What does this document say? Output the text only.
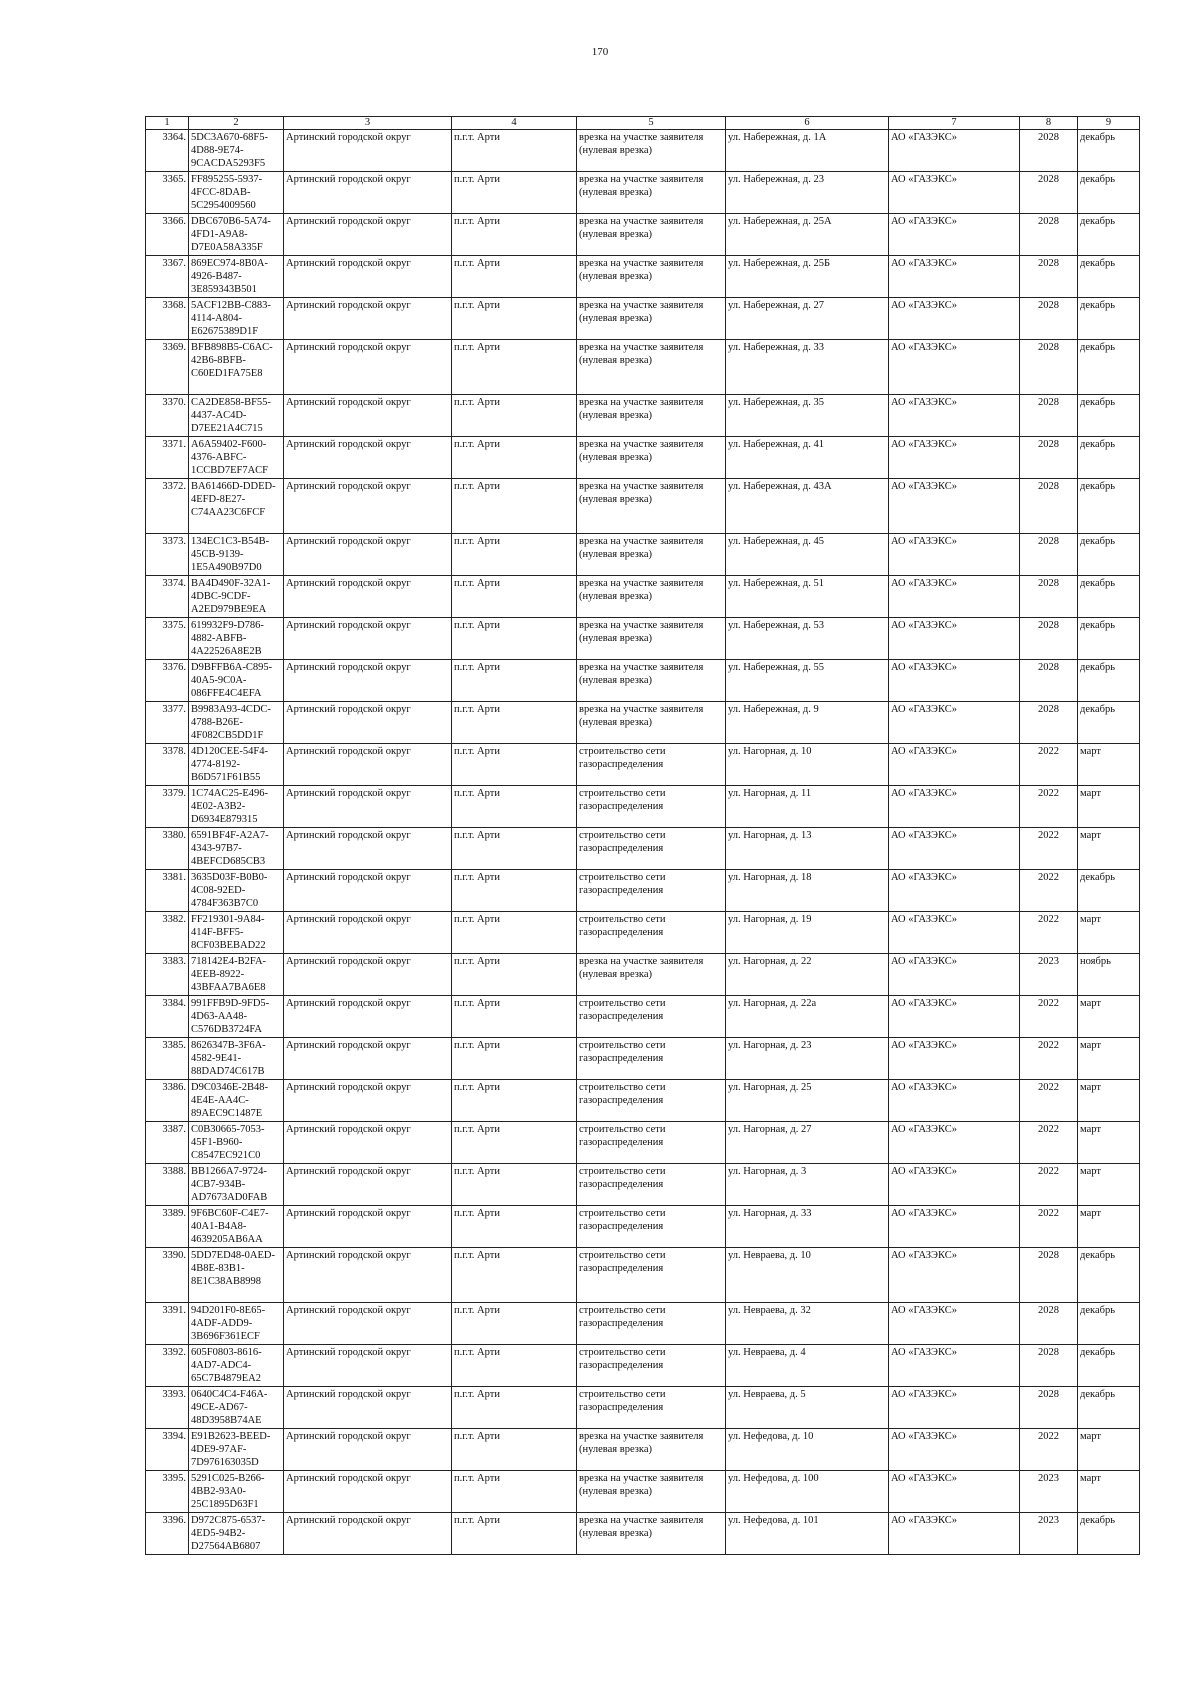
170
1	2	3	4	5	6	7	8	9
3364.	5DC3A670-68F5-4D88-9E74-9CACDA5293F5	Артинский городской округ	п.г.т. Арти	врезка на участке заявителя (нулевая врезка)	ул. Набережная, д. 1А	АО «ГАЗЭКС»	2028	декабрь
3365.	FF895255-5937-4FCC-8DAB-5C2954009560	Артинский городской округ	п.г.т. Арти	врезка на участке заявителя (нулевая врезка)	ул. Набережная, д. 23	АО «ГАЗЭКС»	2028	декабрь
3366.	DBC670B6-5A74-4FD1-A9A8-D7E0A58A335F	Артинский городской округ	п.г.т. Арти	врезка на участке заявителя (нулевая врезка)	ул. Набережная, д. 25А	АО «ГАЗЭКС»	2028	декабрь
3367.	869EC974-8B0A-4926-B487-3E859343B501	Артинский городской округ	п.г.т. Арти	врезка на участке заявителя (нулевая врезка)	ул. Набережная, д. 25Б	АО «ГАЗЭКС»	2028	декабрь
3368.	5ACF12BB-C883-4114-A804-E62675389D1F	Артинский городской округ	п.г.т. Арти	врезка на участке заявителя (нулевая врезка)	ул. Набережная, д. 27	АО «ГАЗЭКС»	2028	декабрь
3369.	BFB898B5-C6AC-42B6-8BFB-C60ED1FA75E8	Артинский городской округ	п.г.т. Арти	врезка на участке заявителя (нулевая врезка)	ул. Набережная, д. 33	АО «ГАЗЭКС»	2028	декабрь
3370.	CA2DE858-BF55-4437-AC4D-D7EE21A4C715	Артинский городской округ	п.г.т. Арти	врезка на участке заявителя (нулевая врезка)	ул. Набережная, д. 35	АО «ГАЗЭКС»	2028	декабрь
3371.	A6A59402-F600-4376-ABFC-1CCBD7EF7ACF	Артинский городской округ	п.г.т. Арти	врезка на участке заявителя (нулевая врезка)	ул. Набережная, д. 41	АО «ГАЗЭКС»	2028	декабрь
3372.	BA61466D-DDED-4EFD-8E27-C74AA23C6FCF	Артинский городской округ	п.г.т. Арти	врезка на участке заявителя (нулевая врезка)	ул. Набережная, д. 43А	АО «ГАЗЭКС»	2028	декабрь
3373.	134EC1C3-B54B-45CB-9139-1E5A490B97D0	Артинский городской округ	п.г.т. Арти	врезка на участке заявителя (нулевая врезка)	ул. Набережная, д. 45	АО «ГАЗЭКС»	2028	декабрь
3374.	BA4D490F-32A1-4DBC-9CDF-A2ED979BE9EA	Артинский городской округ	п.г.т. Арти	врезка на участке заявителя (нулевая врезка)	ул. Набережная, д. 51	АО «ГАЗЭКС»	2028	декабрь
3375.	619932F9-D786-4882-ABFB-4A22526A8E2B	Артинский городской округ	п.г.т. Арти	врезка на участке заявителя (нулевая врезка)	ул. Набережная, д. 53	АО «ГАЗЭКС»	2028	декабрь
3376.	D9BFFB6A-C895-40A5-9C0A-086FFE4C4EFA	Артинский городской округ	п.г.т. Арти	врезка на участке заявителя (нулевая врезка)	ул. Набережная, д. 55	АО «ГАЗЭКС»	2028	декабрь
3377.	B9983A93-4CDC-4788-B26E-4F082CB5DD1F	Артинский городской округ	п.г.т. Арти	врезка на участке заявителя (нулевая врезка)	ул. Набережная, д. 9	АО «ГАЗЭКС»	2028	декабрь
3378.	4D120CEE-54F4-4774-8192-B6D571F61B55	Артинский городской округ	п.г.т. Арти	строительство сети газораспределения	ул. Нагорная, д. 10	АО «ГАЗЭКС»	2022	март
3379.	1C74AC25-E496-4E02-A3B2-D6934E879315	Артинский городской округ	п.г.т. Арти	строительство сети газораспределения	ул. Нагорная, д. 11	АО «ГАЗЭКС»	2022	март
3380.	6591BF4F-A2A7-4343-97B7-4BEFCD685CB3	Артинский городской округ	п.г.т. Арти	строительство сети газораспределения	ул. Нагорная, д. 13	АО «ГАЗЭКС»	2022	март
3381.	3635D03F-B0B0-4C08-92ED-4784F363B7C0	Артинский городской округ	п.г.т. Арти	строительство сети газораспределения	ул. Нагорная, д. 18	АО «ГАЗЭКС»	2022	декабрь
3382.	FF219301-9A84-414F-BFF5-8CF03BEBAD22	Артинский городской округ	п.г.т. Арти	строительство сети газораспределения	ул. Нагорная, д. 19	АО «ГАЗЭКС»	2022	март
3383.	718142E4-B2FA-4EEB-8922-43BFAA7BA6E8	Артинский городской округ	п.г.т. Арти	врезка на участке заявителя (нулевая врезка)	ул. Нагорная, д. 22	АО «ГАЗЭКС»	2023	ноябрь
3384.	991FFB9D-9FD5-4D63-AA48-C576DB3724FA	Артинский городской округ	п.г.т. Арти	строительство сети газораспределения	ул. Нагорная, д. 22а	АО «ГАЗЭКС»	2022	март
3385.	8626347B-3F6A-4582-9E41-88DAD74C617B	Артинский городской округ	п.г.т. Арти	строительство сети газораспределения	ул. Нагорная, д. 23	АО «ГАЗЭКС»	2022	март
3386.	D9C0346E-2B48-4E4E-AA4C-89AEC9C1487E	Артинский городской округ	п.г.т. Арти	строительство сети газораспределения	ул. Нагорная, д. 25	АО «ГАЗЭКС»	2022	март
3387.	C0B30665-7053-45F1-B960-C8547EC921C0	Артинский городской округ	п.г.т. Арти	строительство сети газораспределения	ул. Нагорная, д. 27	АО «ГАЗЭКС»	2022	март
3388.	BB1266A7-9724-4CB7-934B-AD7673AD0FAB	Артинский городской округ	п.г.т. Арти	строительство сети газораспределения	ул. Нагорная, д. 3	АО «ГАЗЭКС»	2022	март
3389.	9F6BC60F-C4E7-40A1-B4A8-4639205AB6AA	Артинский городской округ	п.г.т. Арти	строительство сети газораспределения	ул. Нагорная, д. 33	АО «ГАЗЭКС»	2022	март
3390.	5DD7ED48-0AED-4B8E-83B1-8E1C38AB8998	Артинский городской округ	п.г.т. Арти	строительство сети газораспределения	ул. Невраева, д. 10	АО «ГАЗЭКС»	2028	декабрь
3391.	94D201F0-8E65-4ADF-ADD9-3B696F361ECF	Артинский городской округ	п.г.т. Арти	строительство сети газораспределения	ул. Невраева, д. 32	АО «ГАЗЭКС»	2028	декабрь
3392.	605F0803-8616-4AD7-ADC4-65C7B4879EA2	Артинский городской округ	п.г.т. Арти	строительство сети газораспределения	ул. Невраева, д. 4	АО «ГАЗЭКС»	2028	декабрь
3393.	0640C4C4-F46A-49CE-AD67-48D3958B74AE	Артинский городской округ	п.г.т. Арти	строительство сети газораспределения	ул. Невраева, д. 5	АО «ГАЗЭКС»	2028	декабрь
3394.	E91B2623-BEED-4DE9-97AF-7D976163035D	Артинский городской округ	п.г.т. Арти	врезка на участке заявителя (нулевая врезка)	ул. Нефедова, д. 10	АО «ГАЗЭКС»	2022	март
3395.	5291C025-B266-4BB2-93A0-25C1895D63F1	Артинский городской округ	п.г.т. Арти	врезка на участке заявителя (нулевая врезка)	ул. Нефедова, д. 100	АО «ГАЗЭКС»	2023	март
3396.	D972C875-6537-4ED5-94B2-D27564AB6807	Артинский городской округ	п.г.т. Арти	врезка на участке заявителя (нулевая врезка)	ул. Нефедова, д. 101	АО «ГАЗЭКС»	2023	декабрь
